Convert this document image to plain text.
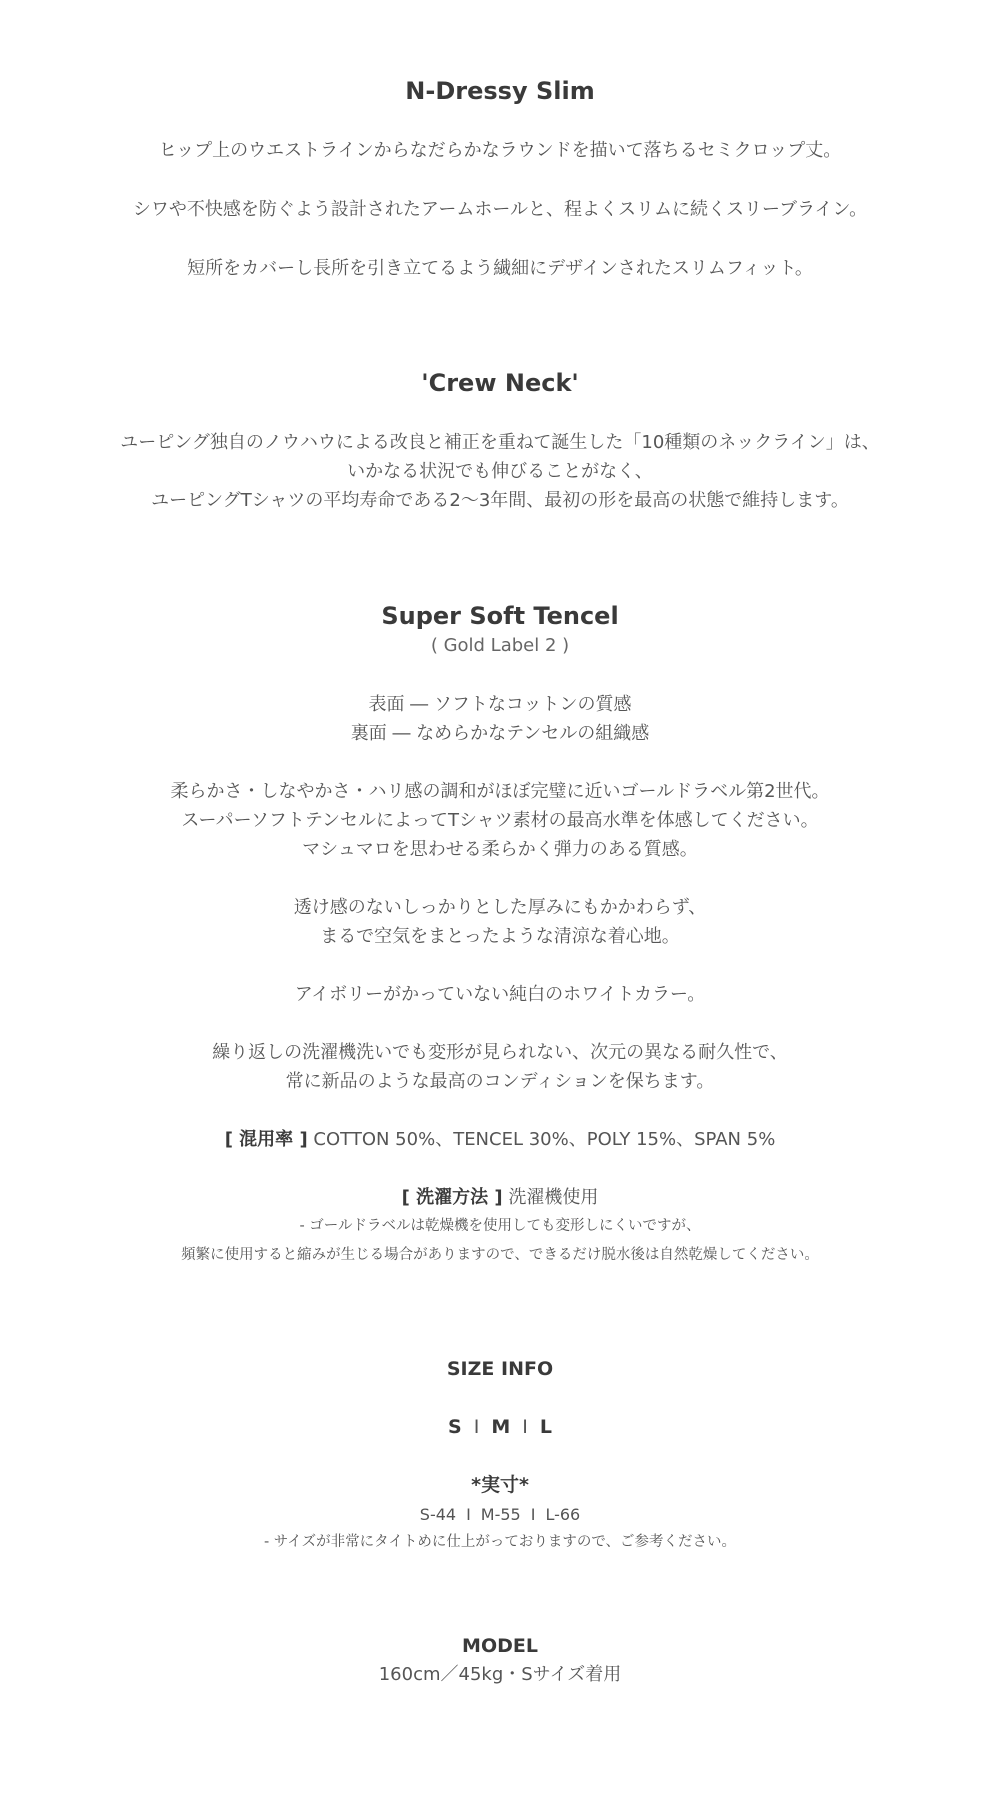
N-Dressy Slim
ヒップ上のウエストラインからなだらかなラウンドを描いて落ちるセミクロップ丈。
シワや不快感を防ぐよう設計されたアームホールと、程よくスリムに続くスリーブライン。
短所をカバーし長所を引き立てるよう繊細にデザインされたスリムフィット。
'Crew Neck'
ユーピング独自のノウハウによる改良と補正を重ねて誕生した「10種類のネックライン」は、
いかなる状況でも伸びることがなく、
ユーピングTシャツの平均寿命である2〜3年間、最初の形を最高の状態で維持します。
Super Soft Tencel
( Gold Label 2 )
表面 ― ソフトなコットンの質感
裏面 ― なめらかなテンセルの組織感
柔らかさ・しなやかさ・ハリ感の調和がほぼ完璧に近いゴールドラベル第2世代。
スーパーソフトテンセルによってTシャツ素材の最高水準を体感してください。
マシュマロを思わせる柔らかく弾力のある質感。
透け感のないしっかりとした厚みにもかかわらず、
まるで空気をまとったような清涼な着心地。
アイボリーがかっていない純白のホワイトカラー。
繰り返しの洗濯機洗いでも変形が見られない、次元の異なる耐久性で、
常に新品のような最高のコンディションを保ちます。
[ 混用率 ] COTTON 50%、TENCEL 30%、POLY 15%、SPAN 5%
[ 洗濯方法 ] 洗濯機使用
- ゴールドラベルは乾燥機を使用しても変形しにくいですが、
頻繁に使用すると縮みが生じる場合がありますので、できるだけ脱水後は自然乾燥してください。
SIZE INFO
S I M I L
*実寸*
S-44 I M-55 I L-66
- サイズが非常にタイトめに仕上がっておりますので、ご参考ください。
MODEL
160cm／45kg・Sサイズ着用
